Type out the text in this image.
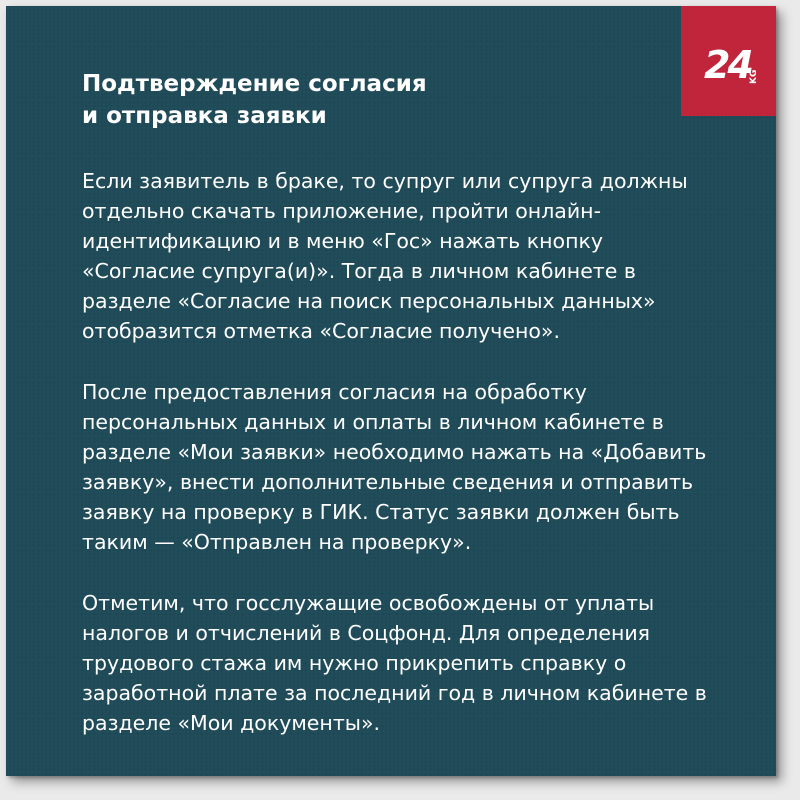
24
KG
Подтверждение согласия
и отправка заявки

Если заявитель в браке, то супруг или супруга должны
отдельно скачать приложение, пройти онлайн-
идентификацию и в меню «Гос» нажать кнопку
«Согласие супруга(и)». Тогда в личном кабинете в
разделе «Согласие на поиск персональных данных»
отобразится отметка «Согласие получено».

После предоставления согласия на обработку
персональных данных и оплаты в личном кабинете в
разделе «Мои заявки» необходимо нажать на «Добавить
заявку», внести дополнительные сведения и отправить
заявку на проверку в ГИК. Статус заявки должен быть
таким — «Отправлен на проверку».

Отметим, что госслужащие освобождены от уплаты
налогов и отчислений в Соцфонд. Для определения
трудового стажа им нужно прикрепить справку о
заработной плате за последний год в личном кабинете в
разделе «Мои документы».
